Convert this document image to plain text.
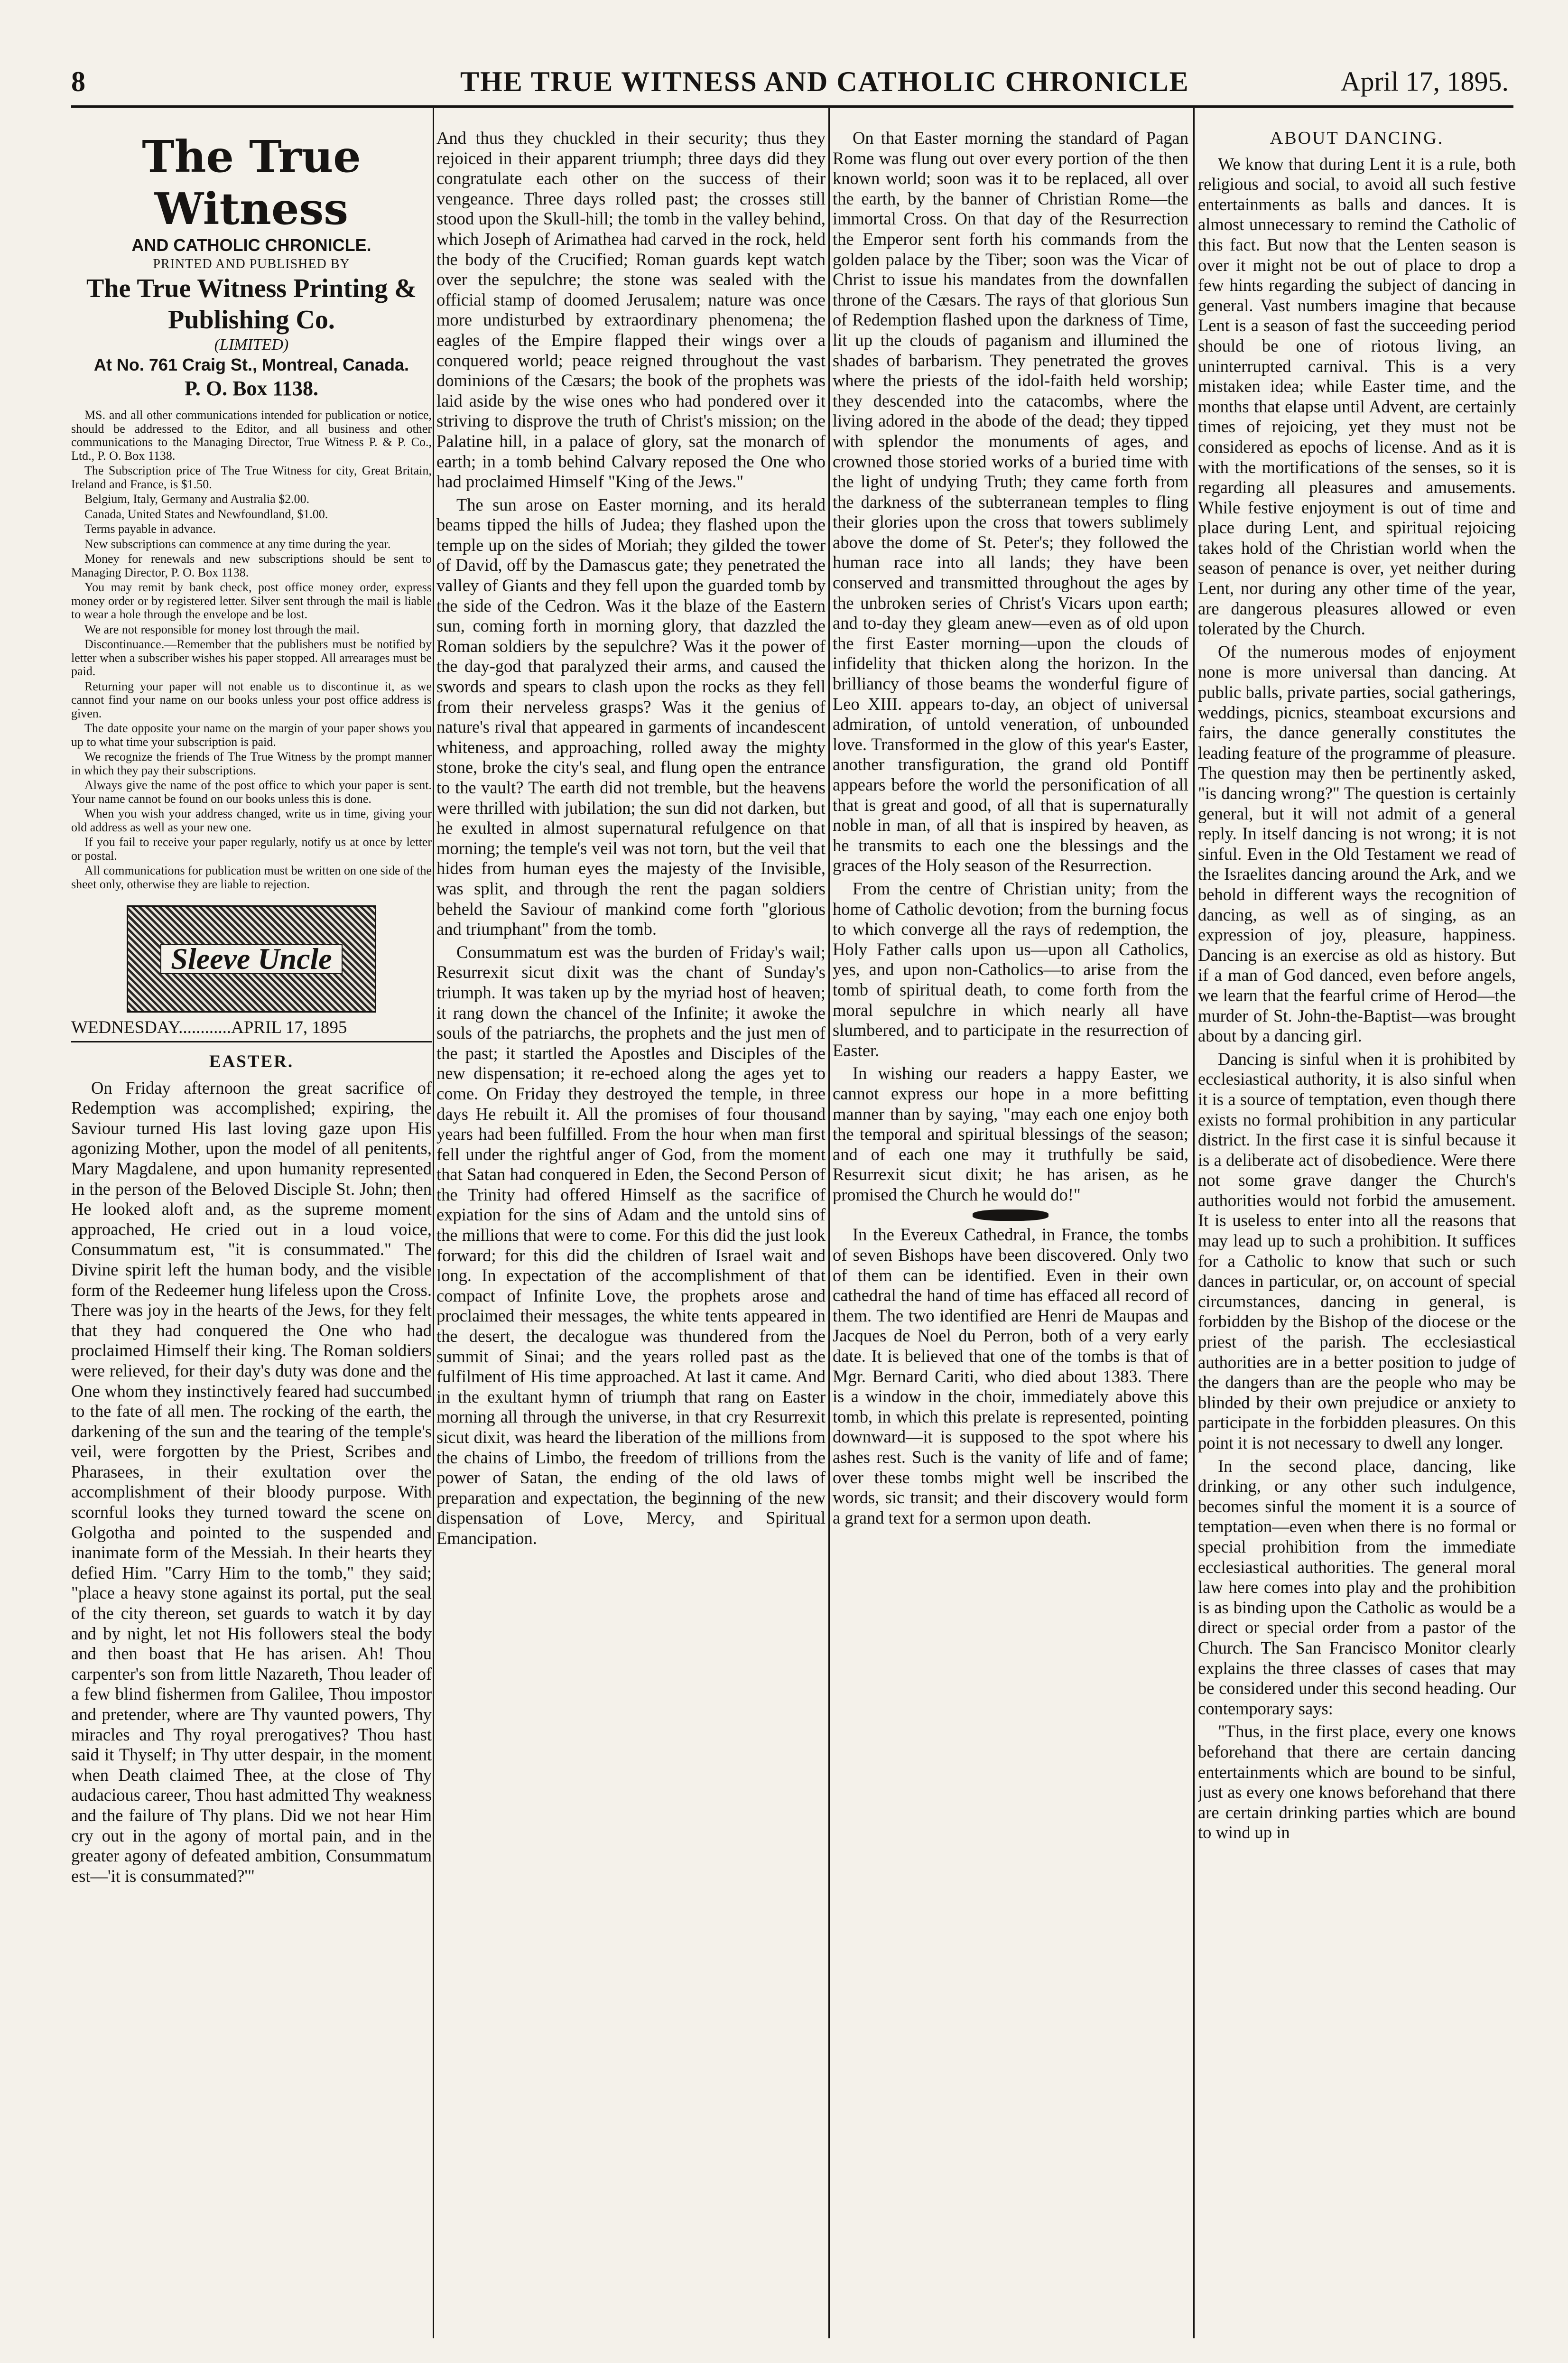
8	THE TRUE WITNESS AND CATHOLIC CHRONICLE	April 17, 1895.
The True Witness
AND CATHOLIC CHRONICLE.
PRINTED AND PUBLISHED BY
The True Witness Printing & Publishing Co.
(LIMITED)
At No. 761 Craig St., Montreal, Canada.
P. O. Box 1138.

MS. and all other communications intended for publication or notice, should be addressed to the Editor, and all business and other communications to the Managing Director, True Witness P. & P. Co., Ltd., P. O. Box 1138.

The Subscription price of The True Witness for city, Great Britain, Ireland and France, is $1.50.

Belgium, Italy, Germany and Australia $2.00.

Canada, United States and Newfoundland, $1.00.

Terms payable in advance.

New subscriptions can commence at any time during the year.

Money for renewals and new subscriptions should be sent to Managing Director, P. O. Box 1138.

You may remit by bank check, post office money order, express money order or by registered letter. Silver sent through the mail is liable to wear a hole through the envelope and be lost.

We are not responsible for money lost through the mail.

Discontinuance.—Remember that the publishers must be notified by letter when a subscriber wishes his paper stopped. All arrearages must be paid.

Returning your paper will not enable us to discontinue it, as we cannot find your name on our books unless your post office address is given.

The date opposite your name on the margin of your paper shows you up to what time your subscription is paid.

We recognize the friends of The True Witness by the prompt manner in which they pay their subscriptions.

Always give the name of the post office to which your paper is sent. Your name cannot be found on our books unless this is done.

When you wish your address changed, write us in time, giving your old address as well as your new one.

If you fail to receive your paper regularly, notify us at once by letter or postal.

All communications for publication must be written on one side of the sheet only, otherwise they are liable to rejection.

Sleeve Uncle
WEDNESDAY............APRIL 17, 1895
EASTER.

On Friday afternoon the great sacrifice of Redemption was accomplished; expiring, the Saviour turned His last loving gaze upon His agonizing Mother, upon the model of all penitents, Mary Magdalene, and upon humanity represented in the person of the Beloved Disciple St. John; then He looked aloft and, as the supreme moment approached, He cried out in a loud voice, Consummatum est, "it is consummated." The Divine spirit left the human body, and the visible form of the Redeemer hung lifeless upon the Cross. There was joy in the hearts of the Jews, for they felt that they had conquered the One who had proclaimed Himself their king. The Roman soldiers were relieved, for their day's duty was done and the One whom they instinctively feared had succumbed to the fate of all men. The rocking of the earth, the darkening of the sun and the tearing of the temple's veil, were forgotten by the Priest, Scribes and Pharasees, in their exultation over the accomplishment of their bloody purpose. With scornful looks they turned toward the scene on Golgotha and pointed to the suspended and inanimate form of the Messiah. In their hearts they defied Him. "Carry Him to the tomb," they said; "place a heavy stone against its portal, put the seal of the city thereon, set guards to watch it by day and by night, let not His followers steal the body and then boast that He has arisen. Ah! Thou carpenter's son from little Nazareth, Thou leader of a few blind fishermen from Galilee, Thou impostor and pretender, where are Thy vaunted powers, Thy miracles and Thy royal prerogatives? Thou hast said it Thyself; in Thy utter despair, in the moment when Death claimed Thee, at the close of Thy audacious career, Thou hast admitted Thy weakness and the failure of Thy plans. Did we not hear Him cry out in the agony of mortal pain, and in the greater agony of defeated ambition, Consummatum est—'it is consummated?'"

And thus they chuckled in their security; thus they rejoiced in their apparent triumph; three days did they congratulate each other on the success of their vengeance. Three days rolled past; the crosses still stood upon the Skull-hill; the tomb in the valley behind, which Joseph of Arimathea had carved in the rock, held the body of the Crucified; Roman guards kept watch over the sepulchre; the stone was sealed with the official stamp of doomed Jerusalem; nature was once more undisturbed by extraordinary phenomena; the eagles of the Empire flapped their wings over a conquered world; peace reigned throughout the vast dominions of the Cæsars; the book of the prophets was laid aside by the wise ones who had pondered over it striving to disprove the truth of Christ's mission; on the Palatine hill, in a palace of glory, sat the monarch of earth; in a tomb behind Calvary reposed the One who had proclaimed Himself "King of the Jews."

The sun arose on Easter morning, and its herald beams tipped the hills of Judea; they flashed upon the temple up on the sides of Moriah; they gilded the tower of David, off by the Damascus gate; they penetrated the valley of Giants and they fell upon the guarded tomb by the side of the Cedron. Was it the blaze of the Eastern sun, coming forth in morning glory, that dazzled the Roman soldiers by the sepulchre? Was it the power of the day-god that paralyzed their arms, and caused the swords and spears to clash upon the rocks as they fell from their nerveless grasps? Was it the genius of nature's rival that appeared in garments of incandescent whiteness, and approaching, rolled away the mighty stone, broke the city's seal, and flung open the entrance to the vault? The earth did not tremble, but the heavens were thrilled with jubilation; the sun did not darken, but he exulted in almost supernatural refulgence on that morning; the temple's veil was not torn, but the veil that hides from human eyes the majesty of the Invisible, was split, and through the rent the pagan soldiers beheld the Saviour of mankind come forth "glorious and triumphant" from the tomb.

Consummatum est was the burden of Friday's wail; Resurrexit sicut dixit was the chant of Sunday's triumph. It was taken up by the myriad host of heaven; it rang down the chancel of the Infinite; it awoke the souls of the patriarchs, the prophets and the just men of the past; it startled the Apostles and Disciples of the new dispensation; it re-echoed along the ages yet to come. On Friday they destroyed the temple, in three days He rebuilt it. All the promises of four thousand years had been fulfilled. From the hour when man first fell under the rightful anger of God, from the moment that Satan had conquered in Eden, the Second Person of the Trinity had offered Himself as the sacrifice of expiation for the sins of Adam and the untold sins of the millions that were to come. For this did the just look forward; for this did the children of Israel wait and long. In expectation of the accomplishment of that compact of Infinite Love, the prophets arose and proclaimed their messages, the white tents appeared in the desert, the decalogue was thundered from the summit of Sinai; and the years rolled past as the fulfilment of His time approached. At last it came. And in the exultant hymn of triumph that rang on Easter morning all through the universe, in that cry Resurrexit sicut dixit, was heard the liberation of the millions from the chains of Limbo, the freedom of trillions from the power of Satan, the ending of the old laws of preparation and expectation, the beginning of the new dispensation of Love, Mercy, and Spiritual Emancipation.

On that Easter morning the standard of Pagan Rome was flung out over every portion of the then known world; soon was it to be replaced, all over the earth, by the banner of Christian Rome—the immortal Cross. On that day of the Resurrection the Emperor sent forth his commands from the golden palace by the Tiber; soon was the Vicar of Christ to issue his mandates from the downfallen throne of the Cæsars. The rays of that glorious Sun of Redemption flashed upon the darkness of Time, lit up the clouds of paganism and illumined the shades of barbarism. They penetrated the groves where the priests of the idol-faith held worship; they descended into the catacombs, where the living adored in the abode of the dead; they tipped with splendor the monuments of ages, and crowned those storied works of a buried time with the light of undying Truth; they came forth from the darkness of the subterranean temples to fling their glories upon the cross that towers sublimely above the dome of St. Peter's; they followed the human race into all lands; they have been conserved and transmitted throughout the ages by the unbroken series of Christ's Vicars upon earth; and to-day they gleam anew—even as of old upon the first Easter morning—upon the clouds of infidelity that thicken along the horizon. In the brilliancy of those beams the wonderful figure of Leo XIII. appears to-day, an object of universal admiration, of untold veneration, of unbounded love. Transformed in the glow of this year's Easter, another transfiguration, the grand old Pontiff appears before the world the personification of all that is great and good, of all that is supernaturally noble in man, of all that is inspired by heaven, as he transmits to each one the blessings and the graces of the Holy season of the Resurrection.

From the centre of Christian unity; from the home of Catholic devotion; from the burning focus to which converge all the rays of redemption, the Holy Father calls upon us—upon all Catholics, yes, and upon non-Catholics—to arise from the tomb of spiritual death, to come forth from the moral sepulchre in which nearly all have slumbered, and to participate in the resurrection of Easter.

In wishing our readers a happy Easter, we cannot express our hope in a more befitting manner than by saying, "may each one enjoy both the temporal and spiritual blessings of the season; and of each one may it truthfully be said, Resurrexit sicut dixit; he has arisen, as he promised the Church he would do!"

In the Evereux Cathedral, in France, the tombs of seven Bishops have been discovered. Only two of them can be identified. Even in their own cathedral the hand of time has effaced all record of them. The two identified are Henri de Maupas and Jacques de Noel du Perron, both of a very early date. It is believed that one of the tombs is that of Mgr. Bernard Cariti, who died about 1383. There is a window in the choir, immediately above this tomb, in which this prelate is represented, pointing downward—it is supposed to the spot where his ashes rest. Such is the vanity of life and of fame; over these tombs might well be inscribed the words, sic transit; and their discovery would form a grand text for a sermon upon death.

ABOUT DANCING.

We know that during Lent it is a rule, both religious and social, to avoid all such festive entertainments as balls and dances. It is almost unnecessary to remind the Catholic of this fact. But now that the Lenten season is over it might not be out of place to drop a few hints regarding the subject of dancing in general. Vast numbers imagine that because Lent is a season of fast the succeeding period should be one of riotous living, an uninterrupted carnival. This is a very mistaken idea; while Easter time, and the months that elapse until Advent, are certainly times of rejoicing, yet they must not be considered as epochs of license. And as it is with the mortifications of the senses, so it is regarding all pleasures and amusements. While festive enjoyment is out of time and place during Lent, and spiritual rejoicing takes hold of the Christian world when the season of penance is over, yet neither during Lent, nor during any other time of the year, are dangerous pleasures allowed or even tolerated by the Church.

Of the numerous modes of enjoyment none is more universal than dancing. At public balls, private parties, social gatherings, weddings, picnics, steamboat excursions and fairs, the dance generally constitutes the leading feature of the programme of pleasure. The question may then be pertinently asked, "is dancing wrong?" The question is certainly general, but it will not admit of a general reply. In itself dancing is not wrong; it is not sinful. Even in the Old Testament we read of the Israelites dancing around the Ark, and we behold in different ways the recognition of dancing, as well as of singing, as an expression of joy, pleasure, happiness. Dancing is an exercise as old as history. But if a man of God danced, even before angels, we learn that the fearful crime of Herod—the murder of St. John-the-Baptist—was brought about by a dancing girl.

Dancing is sinful when it is prohibited by ecclesiastical authority, it is also sinful when it is a source of temptation, even though there exists no formal prohibition in any particular district. In the first case it is sinful because it is a deliberate act of disobedience. Were there not some grave danger the Church's authorities would not forbid the amusement. It is useless to enter into all the reasons that may lead up to such a prohibition. It suffices for a Catholic to know that such or such dances in particular, or, on account of special circumstances, dancing in general, is forbidden by the Bishop of the diocese or the priest of the parish. The ecclesiastical authorities are in a better position to judge of the dangers than are the people who may be blinded by their own prejudice or anxiety to participate in the forbidden pleasures. On this point it is not necessary to dwell any longer.

In the second place, dancing, like drinking, or any other such indulgence, becomes sinful the moment it is a source of temptation—even when there is no formal or special prohibition from the immediate ecclesiastical authorities. The general moral law here comes into play and the prohibition is as binding upon the Catholic as would be a direct or special order from a pastor of the Church. The San Francisco Monitor clearly explains the three classes of cases that may be considered under this second heading. Our contemporary says:

"Thus, in the first place, every one knows beforehand that there are certain dancing entertainments which are bound to be sinful, just as every one knows beforehand that there are certain drinking parties which are bound to wind up in
